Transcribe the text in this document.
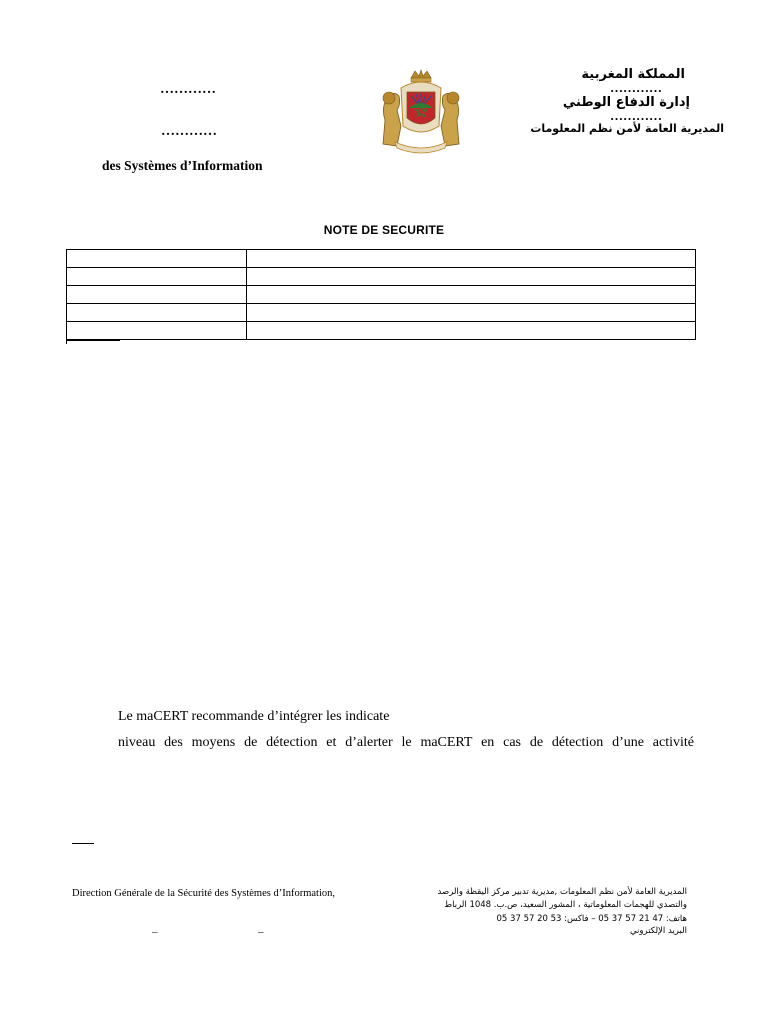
…………
…………
des Systèmes d’Information
المملكة المغربية
…………
إدارة الدفاع الوطني
…………
المديرية العامة لأمن نظم المعلومات
NOTE DE SECURITE

Le maCERT recommande d’intégrer les indicate
niveau des moyens de détection et d’alerter le maCERT en cas de détection d’une activité
Direction Générale de la Sécurité des Systèmes d’Information,
–	–
المديرية العامة لأمن نظم المعلومات ,مديرية تدبير مركز اليقظة والرصد
والتصدي للهجمات المعلوماتية ، المشور السعيد، ص.ب. 1048 الرباط
هاتف: 47 21 57 37 05 – فاكس: 53 20 57 37 05
البريد الإلكتروني
